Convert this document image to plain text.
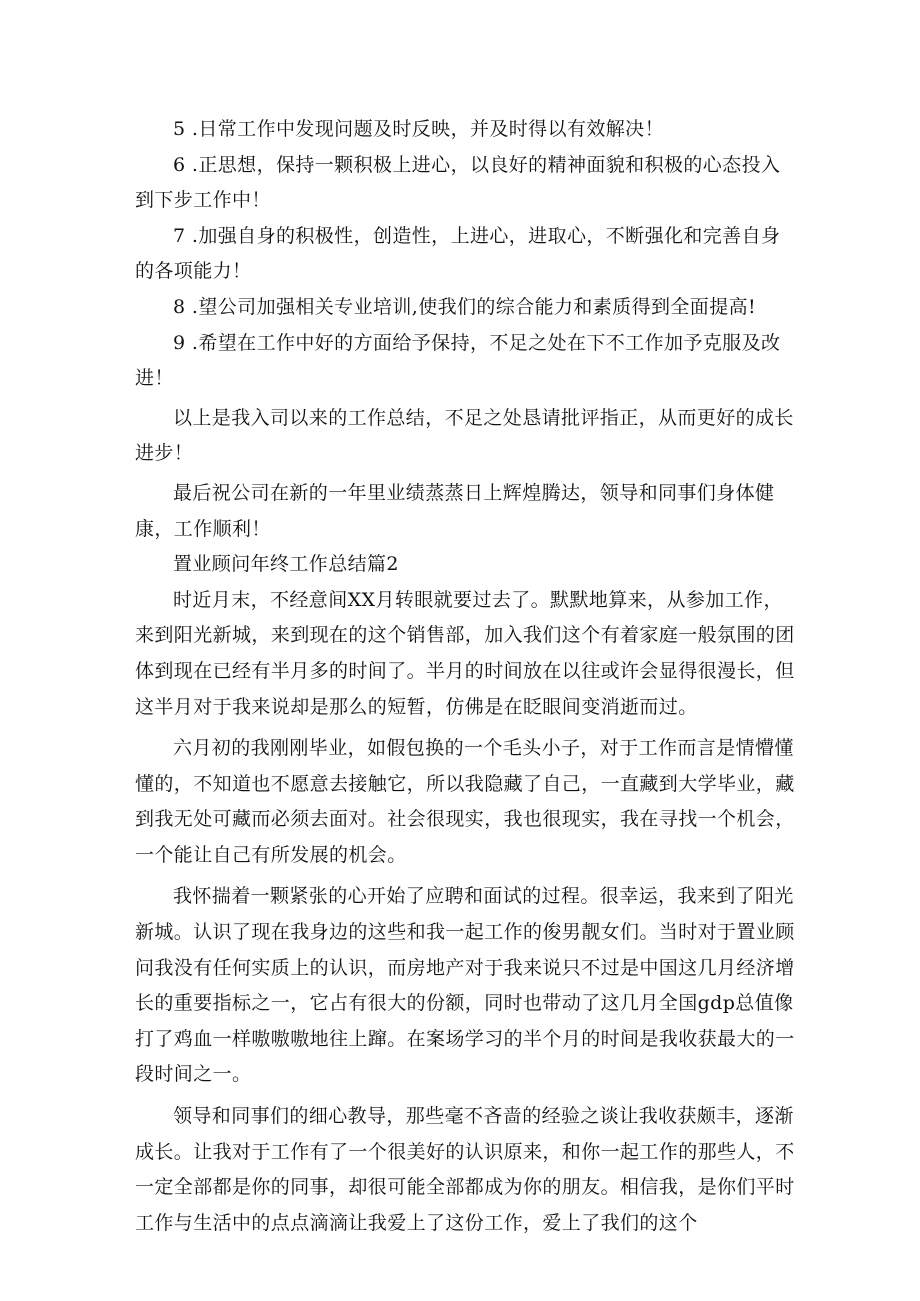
5 .日常工作中发现问题及时反映，并及时得以有效解决！

6 .正思想，保持一颗积极上进心，以良好的精神面貌和积极的心态投入到下步工作中！

7 .加强自身的积极性，创造性，上进心，进取心，不断强化和完善自身的各项能力！

8 .望公司加强相关专业培训,使我们的综合能力和素质得到全面提高!

9 .希望在工作中好的方面给予保持，不足之处在下不工作加予克服及改进！

以上是我入司以来的工作总结，不足之处恳请批评指正，从而更好的成长进步！

最后祝公司在新的一年里业绩蒸蒸日上辉煌腾达，领导和同事们身体健康，工作顺利！

置业顾问年终工作总结篇2

时近月末，不经意间XX月转眼就要过去了。默默地算来，从参加工作，来到阳光新城，来到现在的这个销售部，加入我们这个有着家庭一般氛围的团体到现在已经有半月多的时间了。半月的时间放在以往或许会显得很漫长，但这半月对于我来说却是那么的短暂，仿佛是在眨眼间变消逝而过。

六月初的我刚刚毕业，如假包换的一个毛头小子，对于工作而言是情懵懂懂的，不知道也不愿意去接触它，所以我隐藏了自己，一直藏到大学毕业，藏到我无处可藏而必须去面对。社会很现实，我也很现实，我在寻找一个机会，一个能让自己有所发展的机会。

我怀揣着一颗紧张的心开始了应聘和面试的过程。很幸运，我来到了阳光新城。认识了现在我身边的这些和我一起工作的俊男靓女们。当时对于置业顾问我没有任何实质上的认识，而房地产对于我来说只不过是中国这几月经济增长的重要指标之一，它占有很大的份额，同时也带动了这几月全国gdp总值像打了鸡血一样嗷嗷嗷地往上蹿。在案场学习的半个月的时间是我收获最大的一段时间之一。

领导和同事们的细心教导，那些毫不吝啬的经验之谈让我收获颇丰，逐渐成长。让我对于工作有了一个很美好的认识原来，和你一起工作的那些人，不一定全部都是你的同事，却很可能全部都成为你的朋友。相信我，是你们平时工作与生活中的点点滴滴让我爱上了这份工作，爱上了我们的这个
